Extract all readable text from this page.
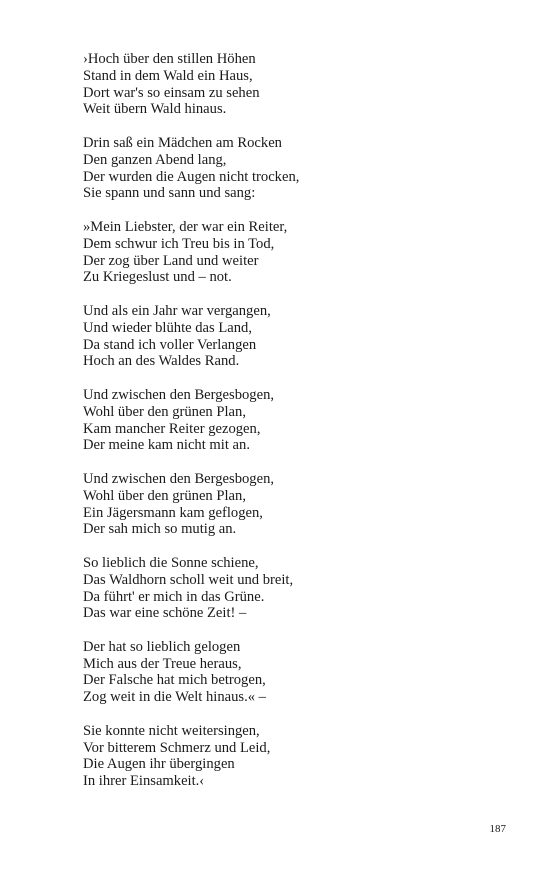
›Hoch über den stillen Höhen
Stand in dem Wald ein Haus,
Dort war's so einsam zu sehen
Weit übern Wald hinaus.
Drin saß ein Mädchen am Rocken
Den ganzen Abend lang,
Der wurden die Augen nicht trocken,
Sie spann und sann und sang:
»Mein Liebster, der war ein Reiter,
Dem schwur ich Treu bis in Tod,
Der zog über Land und weiter
Zu Kriegeslust und – not.
Und als ein Jahr war vergangen,
Und wieder blühte das Land,
Da stand ich voller Verlangen
Hoch an des Waldes Rand.
Und zwischen den Bergesbogen,
Wohl über den grünen Plan,
Kam mancher Reiter gezogen,
Der meine kam nicht mit an.
Und zwischen den Bergesbogen,
Wohl über den grünen Plan,
Ein Jägersmann kam geflogen,
Der sah mich so mutig an.
So lieblich die Sonne schiene,
Das Waldhorn scholl weit und breit,
Da führt' er mich in das Grüne.
Das war eine schöne Zeit! –
Der hat so lieblich gelogen
Mich aus der Treue heraus,
Der Falsche hat mich betrogen,
Zog weit in die Welt hinaus.« –
Sie konnte nicht weitersingen,
Vor bitterem Schmerz und Leid,
Die Augen ihr übergingen
In ihrer Einsamkeit.‹
187
